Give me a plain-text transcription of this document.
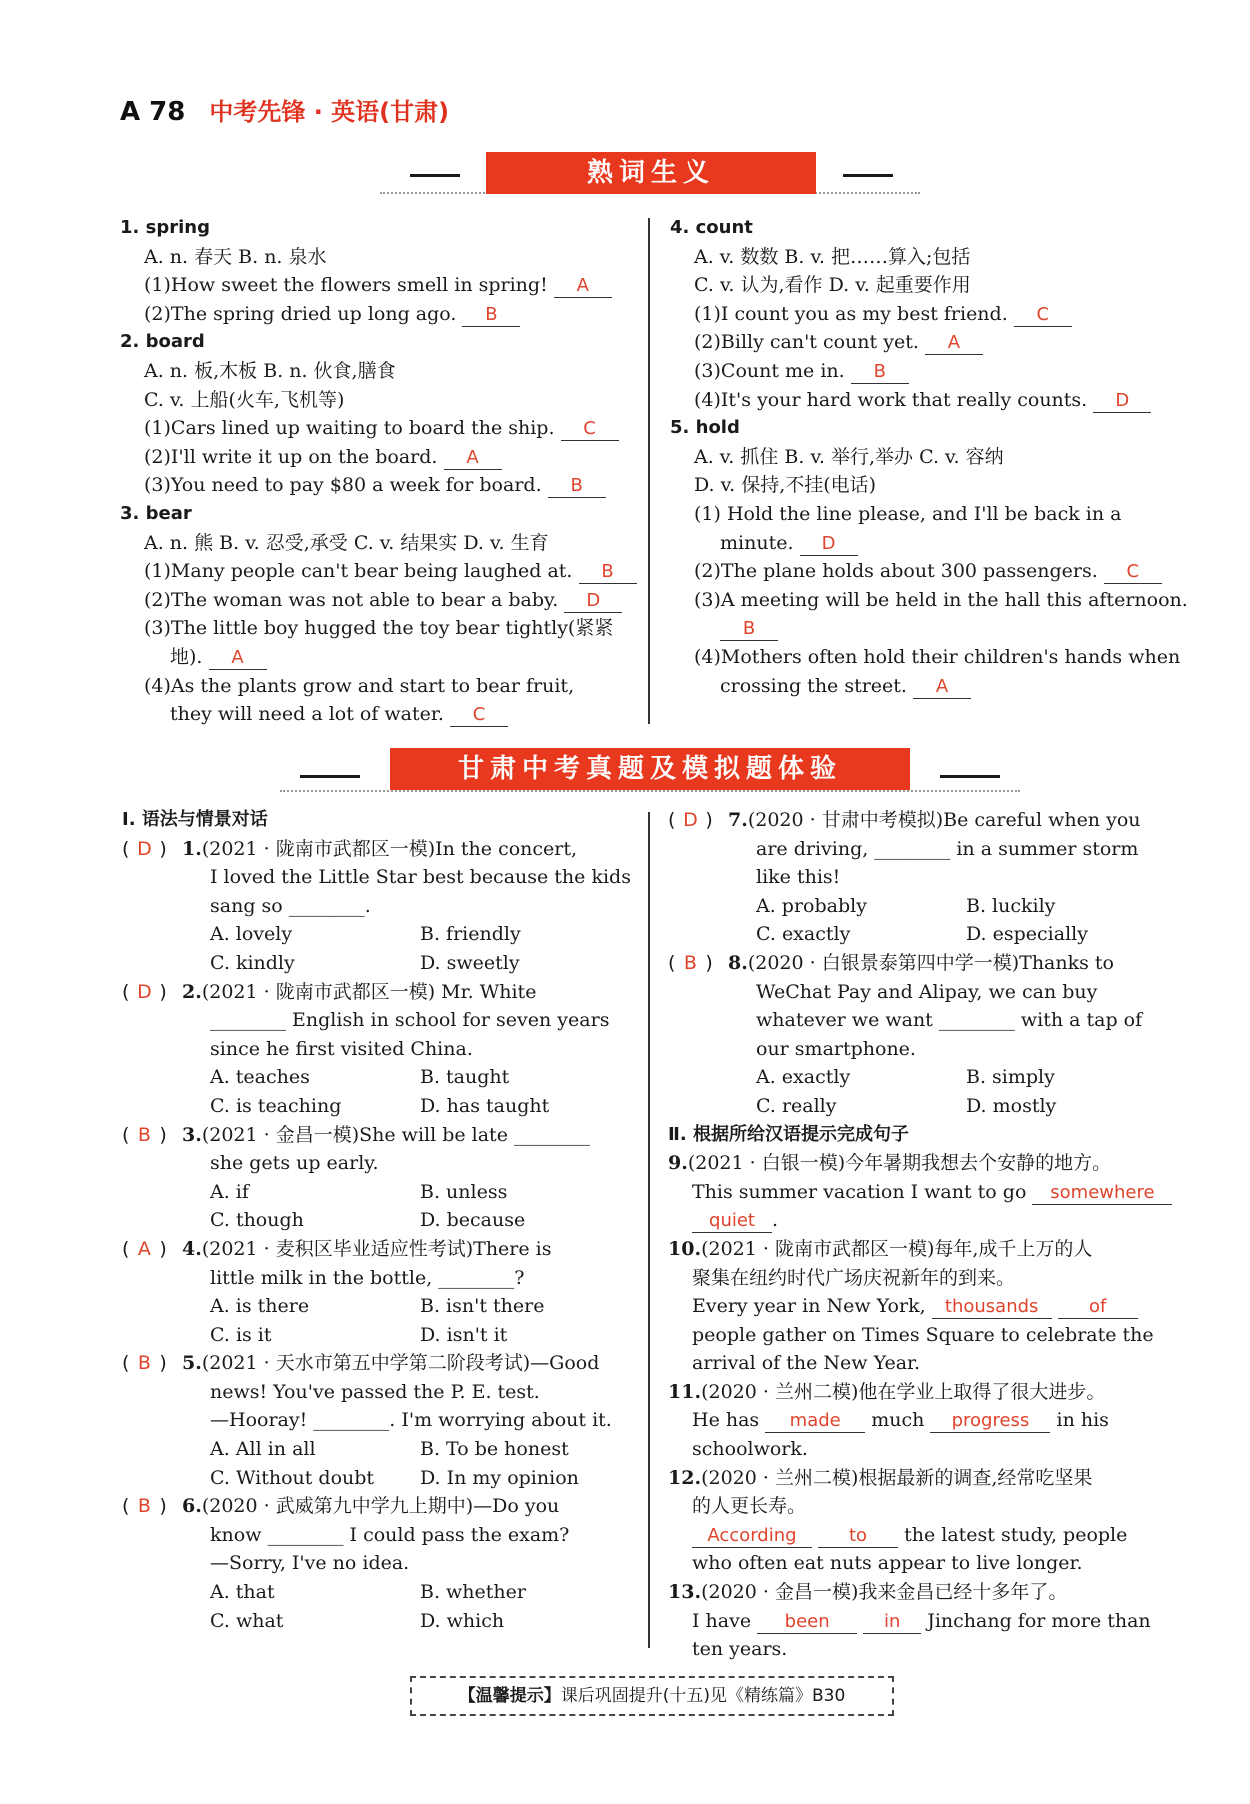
A 78 中考先锋 · 英语(甘肃)
熟词生义

1. spring

A. n. 春天 B. n. 泉水

(1)How sweet the flowers smell in spring! A

(2)The spring dried up long ago. B

2. board

A. n. 板,木板 B. n. 伙食,膳食

C. v. 上船(火车,飞机等)

(1)Cars lined up waiting to board the ship. C

(2)I'll write it up on the board. A

(3)You need to pay $80 a week for board. B

3. bear

A. n. 熊 B. v. 忍受,承受 C. v. 结果实 D. v. 生育

(1)Many people can't bear being laughed at. B

(2)The woman was not able to bear a baby. D

(3)The little boy hugged the toy bear tightly(紧紧

地). A

(4)As the plants grow and start to bear fruit,

they will need a lot of water. C

4. count

A. v. 数数 B. v. 把……算入;包括

C. v. 认为,看作 D. v. 起重要作用

(1)I count you as my best friend. C

(2)Billy can't count yet. A

(3)Count me in. B

(4)It's your hard work that really counts. D

5. hold

A. v. 抓住 B. v. 举行,举办 C. v. 容纳

D. v. 保持,不挂(电话)

(1) Hold the line please, and I'll be back in a

minute. D

(2)The plane holds about 300 passengers. C

(3)A meeting will be held in the hall this afternoon.

B

(4)Mothers often hold their children's hands when

crossing the street. A

甘肃中考真题及模拟题体验

Ⅰ. 语法与情景对话

( D ) 1.(2021 · 陇南市武都区一模)In the concert,

I loved the Little Star best because the kids

sang so ________.

A. lovely	B. friendly

C. kindly	D. sweetly

( D ) 2.(2021 · 陇南市武都区一模) Mr. White

________ English in school for seven years

since he first visited China.

A. teaches	B. taught

C. is teaching	D. has taught

( B ) 3.(2021 · 金昌一模)She will be late ________

she gets up early.

A. if	B. unless

C. though	D. because

( A ) 4.(2021 · 麦积区毕业适应性考试)There is

little milk in the bottle, ________?

A. is there	B. isn't there

C. is it	D. isn't it

( B ) 5.(2021 · 天水市第五中学第二阶段考试)—Good

news! You've passed the P. E. test.

—Hooray! ________. I'm worrying about it.

A. All in all	B. To be honest

C. Without doubt D. In my opinion

( B ) 6.(2020 · 武威第九中学九上期中)—Do you

know ________ I could pass the exam?

—Sorry, I've no idea.

A. that	B. whether

C. what	D. which

( D ) 7.(2020 · 甘肃中考模拟)Be careful when you

are driving, ________ in a summer storm

like this!

A. probably	B. luckily

C. exactly	D. especially

( B ) 8.(2020 · 白银景泰第四中学一模)Thanks to

WeChat Pay and Alipay, we can buy

whatever we want ________ with a tap of

our smartphone.

A. exactly	B. simply

C. really	D. mostly

Ⅱ. 根据所给汉语提示完成句子

9.(2021 · 白银一模)今年暑期我想去个安静的地方。

This summer vacation I want to go somewhere

quiet .

10.(2021 · 陇南市武都区一模)每年,成千上万的人

聚集在纽约时代广场庆祝新年的到来。

Every year in New York, thousands	of

people gather on Times Square to celebrate the

arrival of the New Year.

11.(2020 · 兰州二模)他在学业上取得了很大进步。

He has made much progress in his

schoolwork.

12.(2020 · 兰州二模)根据最新的调查,经常吃坚果

的人更长寿。

According	to the latest study, people

who often eat nuts appear to live longer.

13.(2020 · 金昌一模)我来金昌已经十多年了。

I have been	in Jinchang for more than

ten years.

【温馨提示】课后巩固提升(十五)见《精练篇》B30
